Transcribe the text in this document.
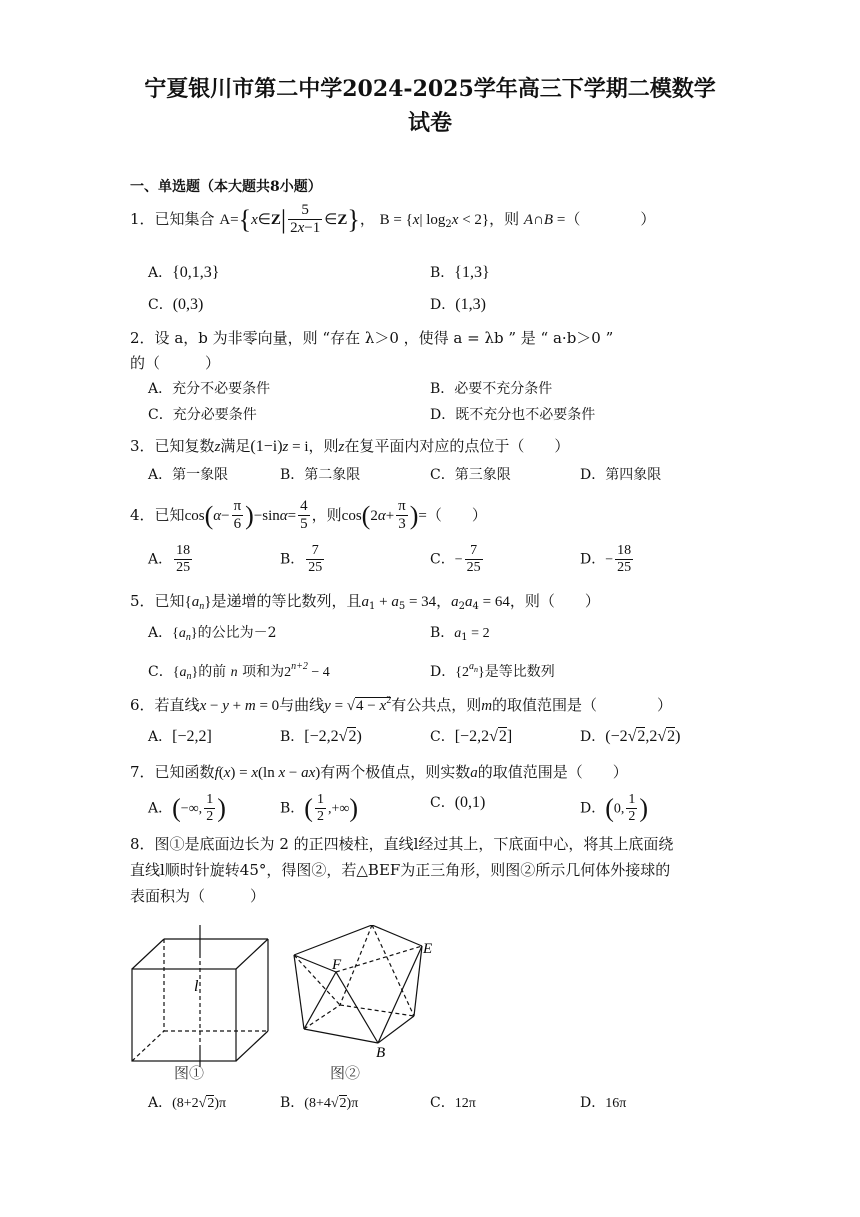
宁夏银川市第二中学2024-2025学年高三下学期二模数学
试卷
一、单选题（本大题共8小题）
1．已知集合 A={x∈Z| $\frac{5}{2x-1}$ ∈Z}， B = {x| $\log_2x < 2$}，则 A∩B =（　　　　）
A．{0,1,3}	B．{1,3}
C．(0,3)	D．(1,3)
2．设 a，b 为非零向量，则 “存在 λ＞0 ，使得 a = λb ” 是 “ a·b＞0 ”
的（　　　）
A．充分不必要条件	B．必要不充分条件
C．充分必要条件	D．既不充分也不必要条件
3．已知复数z满足(1−i)z = i，则z在复平面内对应的点位于（　　）
A．第一象限	B．第二象限	C．第三象限	D．第四象限
4．已知$\cos(\alpha- \frac{\pi}{6} )-\sin\alpha= \frac{4}{5}$ ，则$\cos(2\alpha+ \frac{\pi}{3}$ )=（　　）
A． $\frac{18}{25}$	B． $\frac{7}{25}$	C．− $\frac{7}{25}$	D．− $\frac{18}{25}$
5．已知$\{a_n\}$是递增的等比数列，且$a_1 + a_5 = 34$，$a_2a_4 = 64$，则（　　）
A．$\{a_n\}$的公比为－2	B．$a_1 = 2$
C．$\{a_n\}$的前 n 项和为$2^{n+2} - 4$	D．$\{2^{a_n}\}$是等比数列
6．若直线x − y + m = 0与曲线$y = √4 - x^2$有公共点，则m的取值范围是（　　　　）
A．[−2,2]	B．[−2,2√2)	C．[−2,2√2]	D．(−2√2,2√2)
7．已知函数f(x) = x(ln x − ax)有两个极值点，则实数a的取值范围是（　　）
A．(−∞, $\frac{1}{2}$ )	B．( $\frac{1}{2}$ ,+∞)	C．(0,1)	D．(0, $\frac{1}{2}$ )
8．图①是底面边长为 2 的正四棱柱，直线l经过其上，下底面中心，将其上底面绕
直线l顺时针旋转45°，得图②，若△BEF为正三角形，则图②所示几何体外接球的
表面积为（　　　）
l
F
E
B
图①	图②
A．(8+2√2)π	B．(8+4√2)π	C．12π	D．16π
